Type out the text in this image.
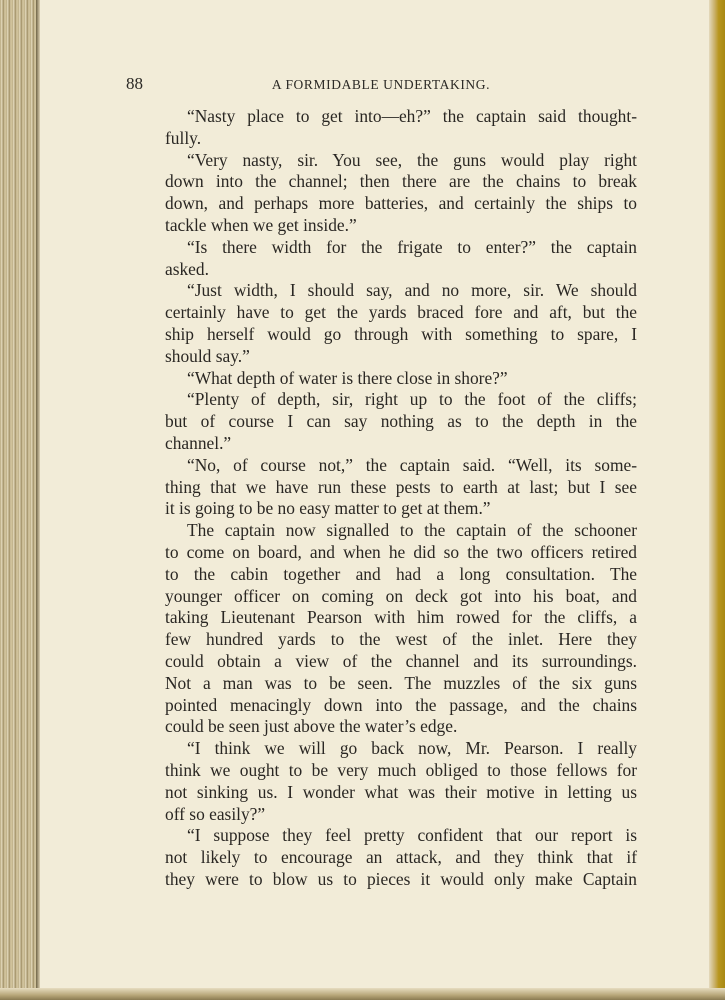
88	A FORMIDABLE UNDERTAKING.
“Nasty place to get into—eh?” the captain said thought-
fully.
“Very nasty, sir. You see, the guns would play right
down into the channel; then there are the chains to break
down, and perhaps more batteries, and certainly the ships to
tackle when we get inside.”
“Is there width for the frigate to enter?” the captain
asked.
“Just width, I should say, and no more, sir. We should
certainly have to get the yards braced fore and aft, but the
ship herself would go through with something to spare, I
should say.”
“What depth of water is there close in shore?”
“Plenty of depth, sir, right up to the foot of the cliffs;
but of course I can say nothing as to the depth in the
channel.”
“No, of course not,” the captain said. “Well, its some-
thing that we have run these pests to earth at last; but I see
it is going to be no easy matter to get at them.”
The captain now signalled to the captain of the schooner
to come on board, and when he did so the two officers retired
to the cabin together and had a long consultation. The
younger officer on coming on deck got into his boat, and
taking Lieutenant Pearson with him rowed for the cliffs, a
few hundred yards to the west of the inlet. Here they
could obtain a view of the channel and its surroundings.
Not a man was to be seen. The muzzles of the six guns
pointed menacingly down into the passage, and the chains
could be seen just above the water’s edge.
“I think we will go back now, Mr. Pearson. I really
think we ought to be very much obliged to those fellows for
not sinking us. I wonder what was their motive in letting us
off so easily?”
“I suppose they feel pretty confident that our report is
not likely to encourage an attack, and they think that if
they were to blow us to pieces it would only make Captain
